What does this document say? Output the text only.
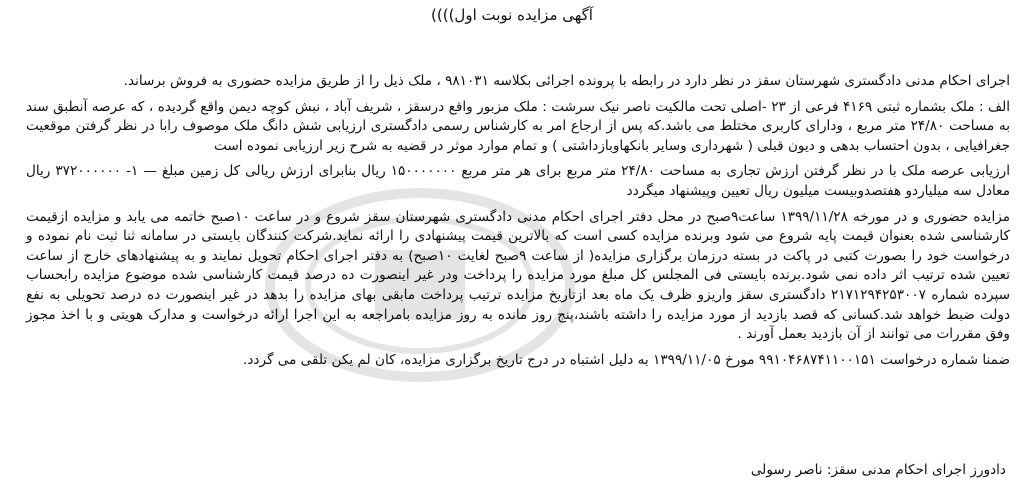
آگهی مزایده نوبت اول))))

اجرای احکام مدنی دادگستری شهرستان سقز در نظر دارد در رابطه با پرونده اجرائی بکلاسه ۹۸۱۰۳۱ ، ملک ذیل را از طریق مزایده حضوری به فروش برساند.

الف : ملک بشماره ثبتی ۴۱۶۹ فرعی از ۲۳ -اصلی تحت مالکیت ناصر نیک سرشت : ملک مزبور واقع درسقز ، شریف آباد ، نبش کوچه دیمن واقع گردیده ، که عرصه آنطبق سند به مساحت ۲۴/۸۰ متر مربع ، ودارای کاربری مختلط می باشد.که پس از ارجاع امر به کارشناس رسمی دادگستری ارزیابی شش دانگ ملک موصوف رابا در نظر گرفتن موقعیت جغرافیایی ، بدون احتساب بدهی و دیون قبلی ( شهرداری وسایر بانکهاوبازداشتی ) و تمام موارد موثر در قضیه به شرح زیر ارزیابی نموده است

ارزیابی عرصه ملک با در نظر گرفتن ارزش تجاری به مساحت ۲۴/۸۰ متر مربع برای هر متر مربع ۱۵۰۰۰۰۰۰۰ ریال بنابرای ارزش ریالی کل زمین مبلغ — ۱- ۳۷۲۰۰۰۰۰۰ ریال معادل سه میلیاردو هفتصدوبیست میلیون ریال تعیین وپیشنهاد میگردد

مزایده حضوری و در مورخه ۱۳۹۹/۱۱/۲۸ ساعت۹صبح در محل دفتر اجرای احکام مدنی دادگستری شهرستان سقز شروع و در ساعت ۱۰صبح خاتمه می یابد و مزایده ازقیمت کارشناسی شده بعنوان قیمت پایه شروع می شود وبرنده مزایده کسی است که بالاترین قیمت پیشنهادی را ارائه نماید.شرکت کنندگان بایستی در سامانه ثنا ثبت نام نموده و درخواست خود را بصورت کتبی در پاکت در بسته درزمان برگزاری مزایده( از ساعت ۹صبح لغایت ۱۰صبح) به دفتر اجرای احکام تحویل نمایند و به پیشنهادهای خارج از ساعت تعیین شده ترتیب اثر داده نمی شود.برنده بایستی فی المجلس کل مبلغ مورد مزایده را پرداخت ودر غیر اینصورت ده درصد قیمت کارشناسی شده موضوع مزایده رابحساب سپرده شماره ۲۱۷۱۲۹۴۲۵۳۰۰۷ دادگستری سقز واریزو ظرف یک ماه بعد ازتاریخ مزایده ترتیب پرداخت مابقی بهای مزایده را بدهد در غیر اینصورت ده درصد تحویلی به نفع دولت ضبط خواهد شد.کسانی که قصد بازدید از مورد مزایده را داشته باشند،پنج روز مانده به روز مزایده بامراجعه به این اجرا ارائه درخواست و مدارک هویتی و با اخذ مجوز وفق مقررات می توانند از آن بازدید بعمل آورند .

ضمنا شماره درخواست ۹۹۱۰۴۶۸۷۴۱۱۰۰۱۵۱ مورخ ۱۳۹۹/۱۱/۰۵ به دلیل اشتباه در درج تاریخ برگزاری مزایده، کان لم یکن تلقی می گردد.

دادورز اجرای احکام مدنی سقز: ناصر رسولی
